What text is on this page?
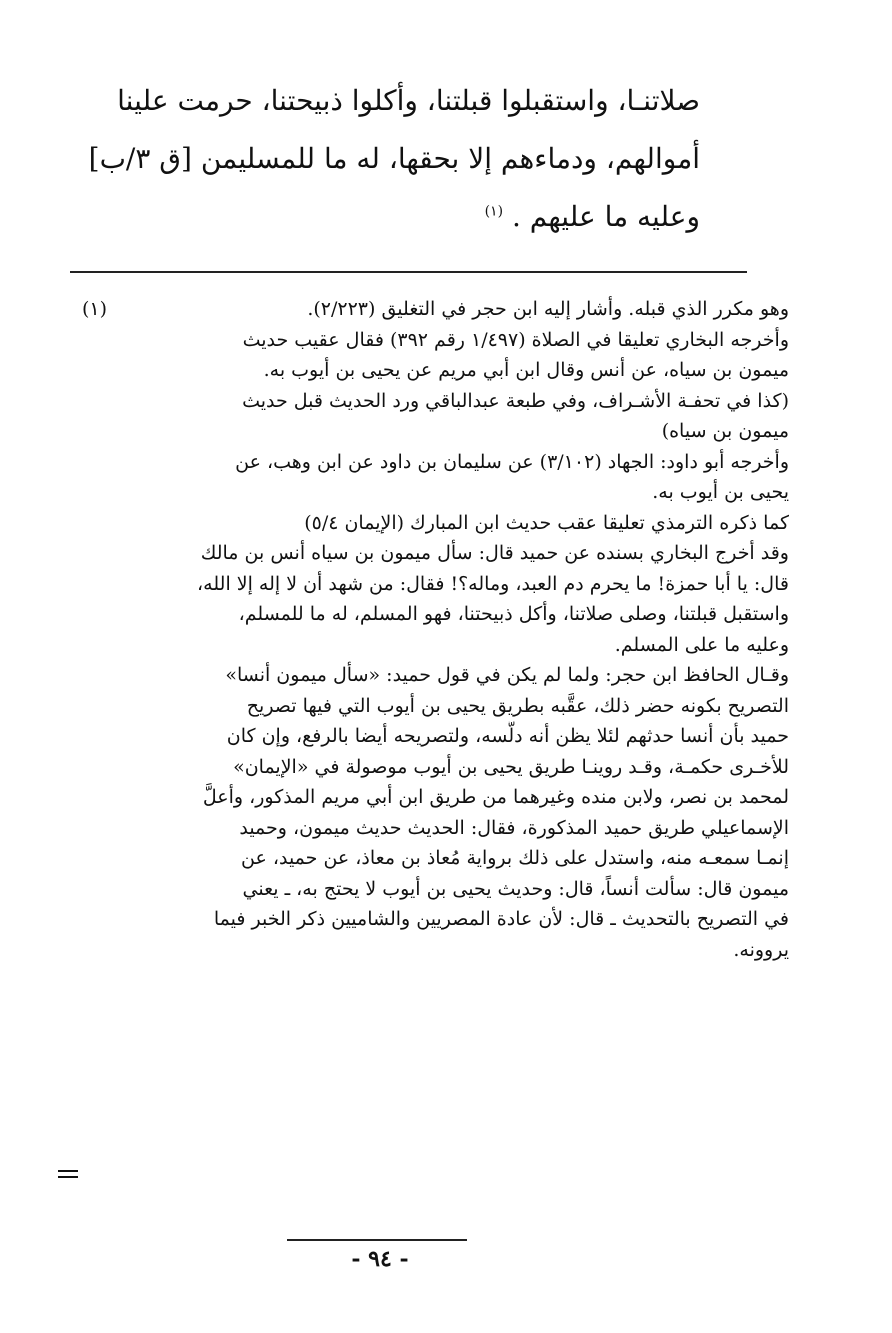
صلاتنـا، واستقبلوا قبلتنا، وأكلوا ذبيحتنا، حرمت علينا
أموالهم، ودماءهم إلا بحقها، له ما للمسليمن [ق ٣/ب]
وعليه ما عليهم . $^{(١)}$
(١)	وهو مكرر الذي قبله. وأشار إليه ابن حجر في التغليق (٢/٢٢٣).
وأخرجه البخاري تعليقا في الصلاة (١/٤٩٧ رقم ٣٩٢) فقال عقيب حديث
ميمون بن سياه، عن أنس وقال ابن أبي مريم عن يحيى بن أيوب به.
(كذا في تحفـة الأشـراف، وفي طبعة عبدالباقي ورد الحديث قبل حديث
ميمون بن سياه)
وأخرجه أبو داود: الجهاد (٣/١٠٢) عن سليمان بن داود عن ابن وهب، عن
يحيى بن أيوب به.
كما ذكره الترمذي تعليقا عقب حديث ابن المبارك (الإيمان ٥/٤)
وقد أخرج البخاري بسنده عن حميد قال: سأل ميمون بن سياه أنس بن مالك
قال: يا أبا حمزة! ما يحرم دم العبد، وماله؟! فقال: من شهد أن لا إله إلا الله،
واستقبل قبلتنا، وصلى صلاتنا، وأكل ذبيحتنا، فهو المسلم، له ما للمسلم،
وعليه ما على المسلم.
وقـال الحافظ ابن حجر: ولما لم يكن في قول حميد: «سأل ميمون أنسا»
التصريح بكونه حضر ذلك، عقَّبه بطريق يحيى بن أيوب التي فيها تصريح
حميد بأن أنسا حدثهم لئلا يظن أنه دلَّسه، ولتصريحه أيضا بالرفع، وإن كان
للأخـرى حكمـة، وقـد روينـا طريق يحيى بن أيوب موصولة في «الإيمان»
لمحمد بن نصر، ولابن منده وغيرهما من طريق ابن أبي مريم المذكور، وأعلَّ
الإسماعيلي طريق حميد المذكورة، فقال: الحديث حديث ميمون، وحميد
إنمـا سمعـه منه، واستدل على ذلك برواية مُعاذ بن معاذ، عن حميد، عن
ميمون قال: سألت أنساً، قال: وحديث يحيى بن أيوب لا يحتج به، ـ يعني
في التصريح بالتحديث ـ قال: لأن عادة المصريين والشاميين ذكر الخبر فيما
يروونه.
- ٩٤ -
